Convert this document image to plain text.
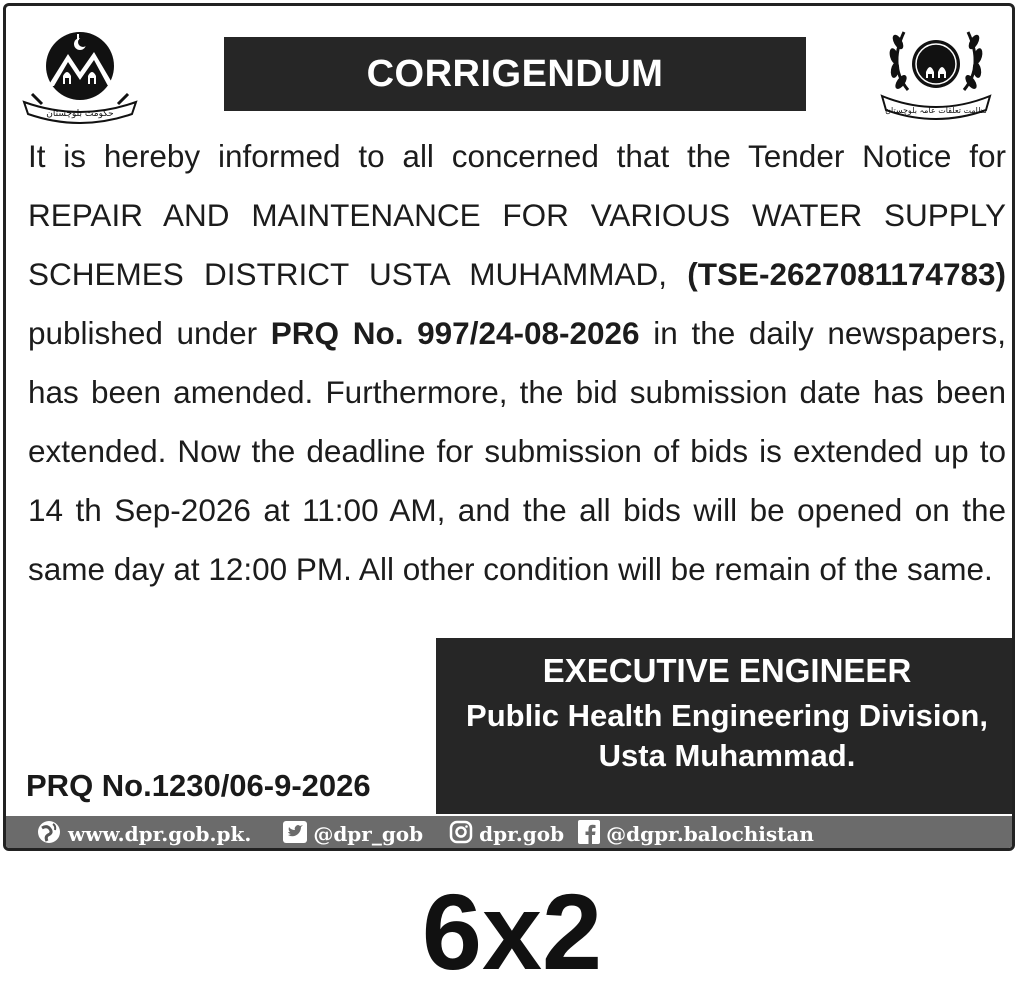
حکومت بلوچستان
CORRIGENDUM
نظامت تعلقات عامہ بلوچستان
It is hereby informed to all concerned that the Tender Notice for REPAIR AND MAINTENANCE FOR VARIOUS WATER SUPPLY SCHEMES DISTRICT USTA MUHAMMAD, (TSE-2627081174783) published under PRQ No. 997/24-08-2026 in the daily newspapers, has been amended. Furthermore, the bid submission date has been extended. Now the deadline for submission of bids is extended up to 14 th Sep-2026 at 11:00 AM, and the all bids will be opened on the same day at 12:00 PM. All other condition will be remain of the same.
EXECUTIVE ENGINEER
Public Health Engineering Division,
Usta Muhammad.
PRQ No.1230/06-9-2026
www.dpr.gob.pk.	@dpr_gob	dpr.gob @dgpr.balochistan
6x2
